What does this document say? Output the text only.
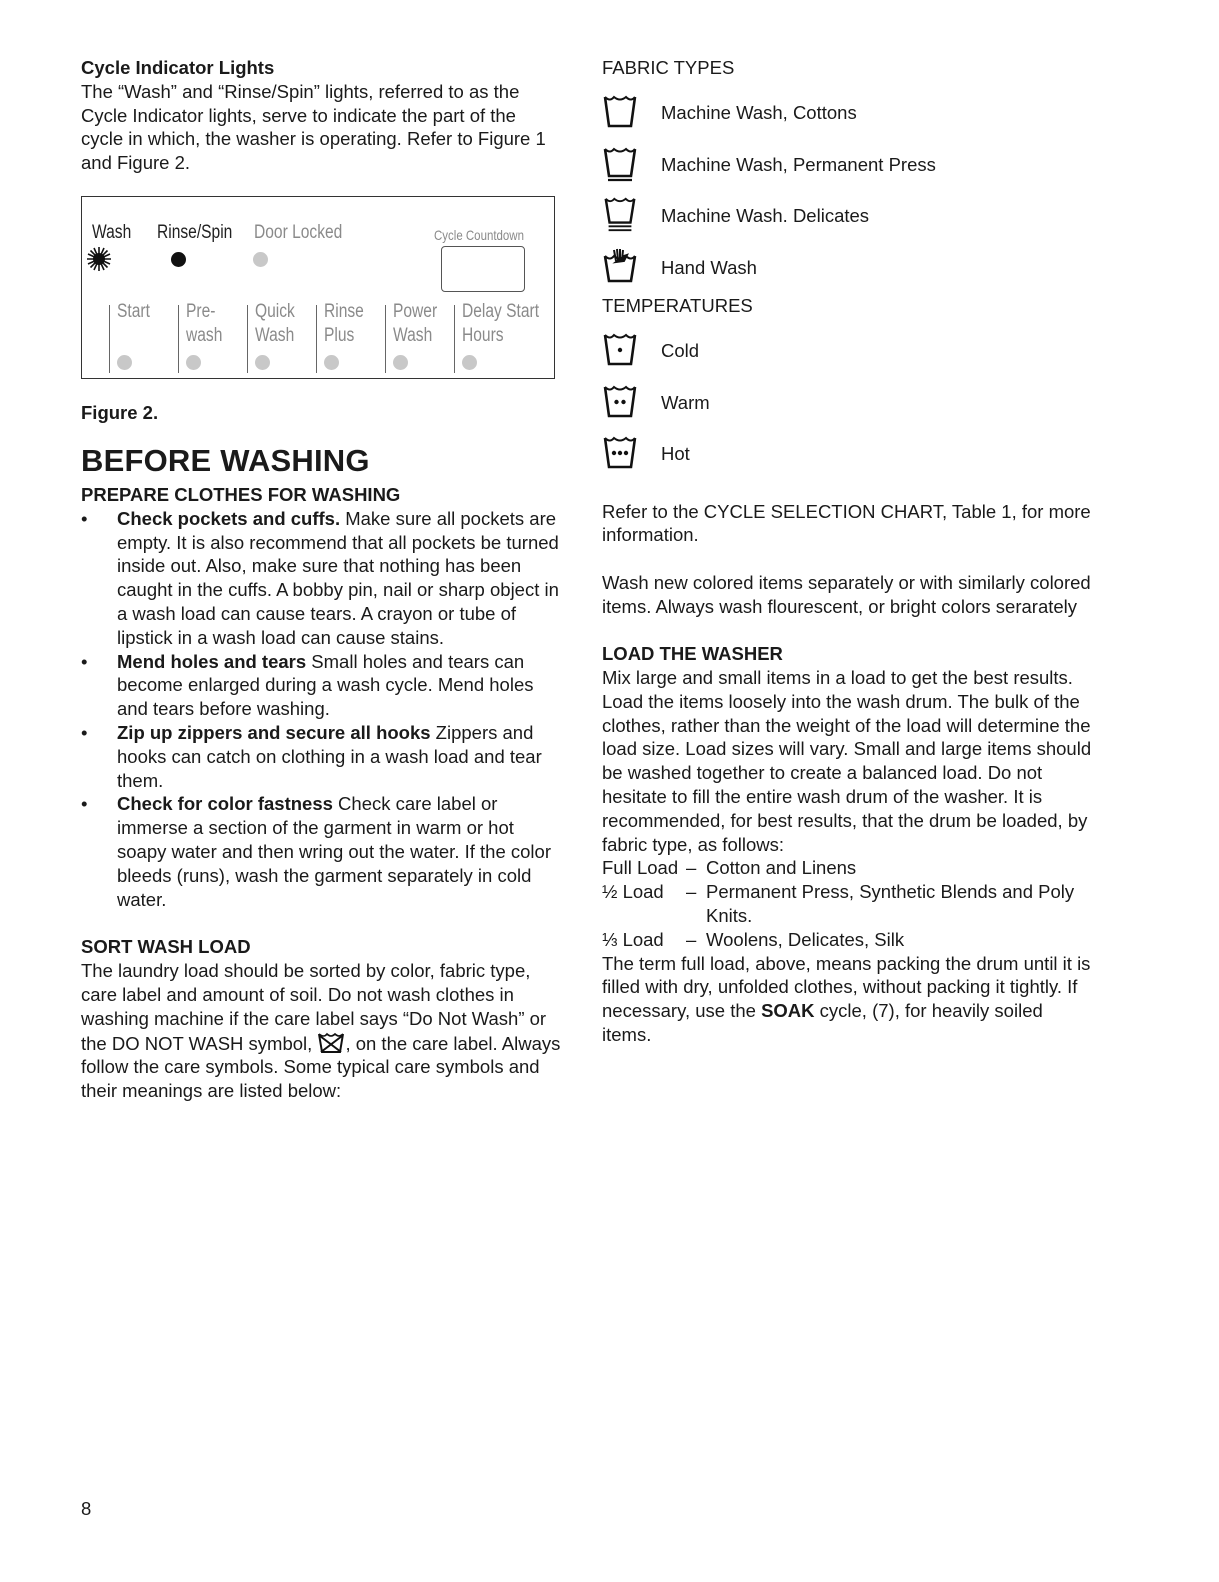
Cycle Indicator Lights
The “Wash” and “Rinse/Spin” lights, referred to as the Cycle Indicator lights, serve to indicate the part of the cycle in which, the washer is operating. Refer to Figure 1 and Figure 2.
Wash Rinse/Spin Door Locked	Cycle Countdown
Start Pre-
wash
Quick
Wash
Rinse
Plus
Power
Wash
Delay Start
Hours
Figure 2.
BEFORE WASHING
PREPARE CLOTHES FOR WASHING
• Check pockets and cuffs. Make sure all pockets are empty. It is also recommend that all pockets be turned inside out. Also, make sure that nothing has been caught in the cuffs. A bobby pin, nail or sharp object in a wash load can cause tears. A crayon or tube of lipstick in a wash load can cause stains.
• Mend holes and tears Small holes and tears can become enlarged during a wash cycle. Mend holes and tears before washing.
• Zip up zippers and secure all hooks Zippers and hooks can catch on clothing in a wash load and tear them.
• Check for color fastness Check care label or immerse a section of the garment in warm or hot soapy water and then wring out the water. If the color bleeds (runs), wash the garment separately in cold water.
SORT WASH LOAD
The laundry load should be sorted by color, fabric type, care label and amount of soil. Do not wash clothes in washing machine if the care label says “Do Not Wash” or the DO NOT WASH symbol, , on the care label. Always follow the care symbols. Some typical care symbols and their meanings are listed below:
FABRIC TYPES
Machine Wash, Cottons
Machine Wash, Permanent Press
Machine Wash. Delicates
Hand Wash
TEMPERATURES
Cold
Warm
Hot
Refer to the CYCLE SELECTION CHART, Table 1, for more information.
Wash new colored items separately or with similarly colored items. Always wash flourescent, or bright colors serarately
LOAD THE WASHER
Mix large and small items in a load to get the best results. Load the items loosely into the wash drum. The bulk of the clothes, rather than the weight of the load will determine the load size. Load sizes will vary. Small and large items should be washed together to create a balanced load. Do not hesitate to fill the entire wash drum of the washer. It is recommended, for best results, that the drum be loaded, by fabric type, as follows:
Full Load – Cotton and Linens
½ Load – Permanent Press, Synthetic Blends and Poly Knits.
⅓ Load – Woolens, Delicates, Silk
The term full load, above, means packing the drum until it is filled with dry, unfolded clothes, without packing it tightly. If necessary, use the SOAK cycle, (7), for heavily soiled items.
8
